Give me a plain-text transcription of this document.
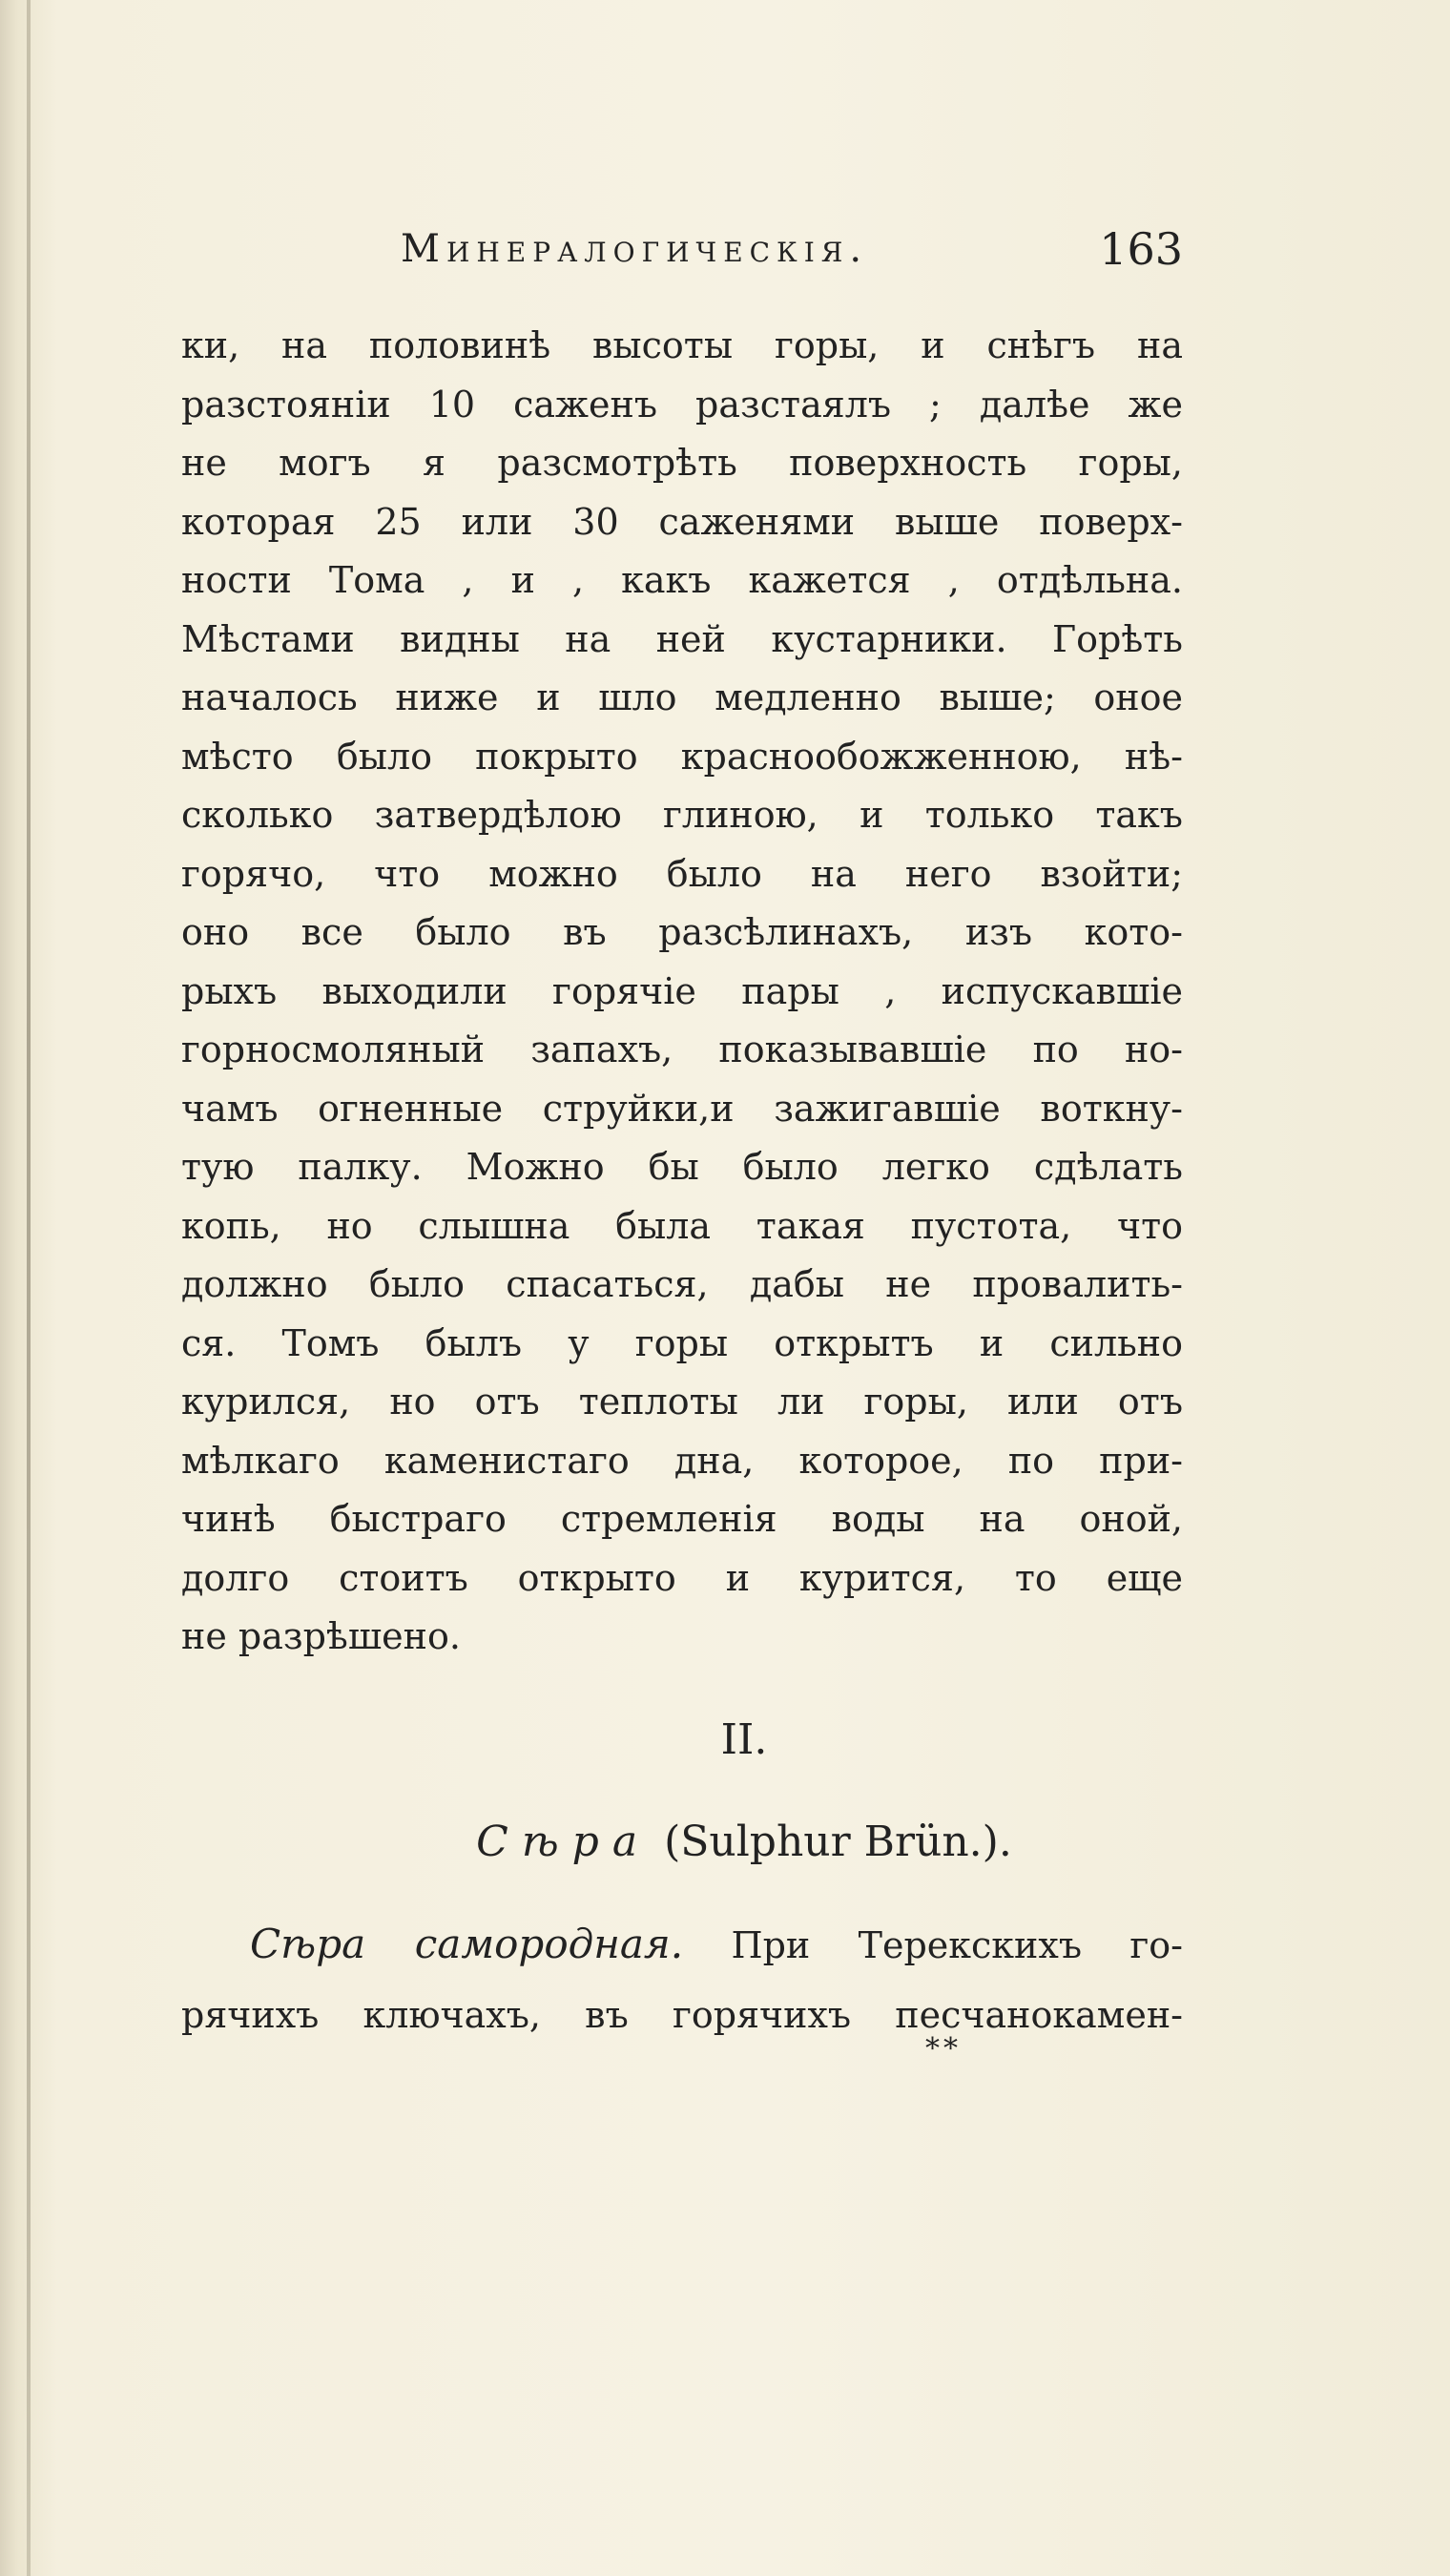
Минералогическія.	163
ки, на половинѣ высоты горы, и снѣгъ на
разстояніи 10 саженъ разстаялъ ; далѣе же
не могъ я разсмотрѣть поверхность горы,
которая 25 или 30 саженями выше поверх-
ности Тома , и , какъ кажется , отдѣльна.
Мѣстами видны на ней кустарники. Горѣть
началось ниже и шло медленно выше; оное
мѣсто было покрыто краснообожженною, нѣ-
сколько затвердѣлою глиною, и только такъ
горячо, что можно было на него взойти;
оно все было въ разсѣлинахъ, изъ кото-
рыхъ выходили горячіе пары , испускавшіе
горносмоляный запахъ, показывавшіе по но-
чамъ огненные струйки,и зажигавшіе воткну-
тую палку. Можно бы было легко сдѣлать
копь, но слышна была такая пустота, что
должно было спасаться, дабы не провалить-
ся. Томъ былъ у горы открытъ и сильно
курился, но отъ теплоты ли горы, или отъ
мѣлкаго каменистаго дна, которое, по при-
чинѣ быстраго стремленія воды на оной,
долго стоитъ открыто и курится, то еще
не разрѣшено.
II.
Сѣра (Sulphur Brün.).
Сѣра самородная. При Терекскихъ го-
рячихъ ключахъ, въ горячихъ песчанокамен-
**
